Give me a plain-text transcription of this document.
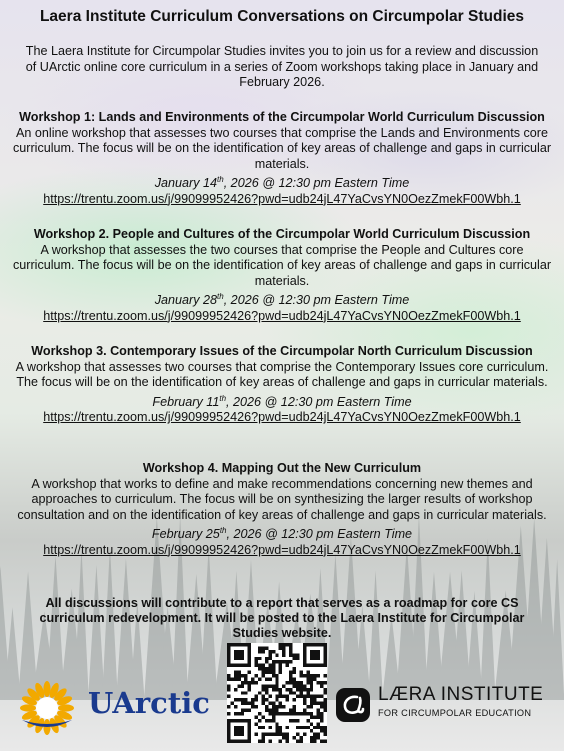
Laera Institute Curriculum Conversations on Circumpolar Studies
The Laera Institute for Circumpolar Studies invites you to join us for a review and discussion of UArctic online core curriculum in a series of Zoom workshops taking place in January and February 2026.
Workshop 1: Lands and Environments of the Circumpolar World Curriculum Discussion
An online workshop that assesses two courses that comprise the Lands and Environments core curriculum. The focus will be on the identification of key areas of challenge and gaps in curricular materials.
January 14th, 2026 @ 12:30 pm Eastern Time
https://trentu.zoom.us/j/99099952426?pwd=udb24jL47YaCvsYN0OezZmekF00Wbh.1
Workshop 2. People and Cultures of the Circumpolar World Curriculum Discussion
A workshop that assesses the two courses that comprise the People and Cultures core curriculum. The focus will be on the identification of key areas of challenge and gaps in curricular materials.
January 28th, 2026 @ 12:30 pm Eastern Time
https://trentu.zoom.us/j/99099952426?pwd=udb24jL47YaCvsYN0OezZmekF00Wbh.1
Workshop 3. Contemporary Issues of the Circumpolar North Curriculum Discussion
A workshop that assesses two courses that comprise the Contemporary Issues core curriculum. The focus will be on the identification of key areas of challenge and gaps in curricular materials.
February 11th, 2026 @ 12:30 pm Eastern Time
https://trentu.zoom.us/j/99099952426?pwd=udb24jL47YaCvsYN0OezZmekF00Wbh.1
Workshop 4. Mapping Out the New Curriculum
A workshop that works to define and make recommendations concerning new themes and approaches to curriculum. The focus will be on synthesizing the larger results of workshop consultation and on the identification of key areas of challenge and gaps in curricular materials.
February 25th, 2026 @ 12:30 pm Eastern Time
https://trentu.zoom.us/j/99099952426?pwd=udb24jL47YaCvsYN0OezZmekF00Wbh.1
All discussions will contribute to a report that serves as a roadmap for core CS curriculum redevelopment. It will be posted to the Laera Institute for Circumpolar Studies website.
UArctic	LÆRA INSTITUTE
FOR CIRCUMPOLAR EDUCATION
